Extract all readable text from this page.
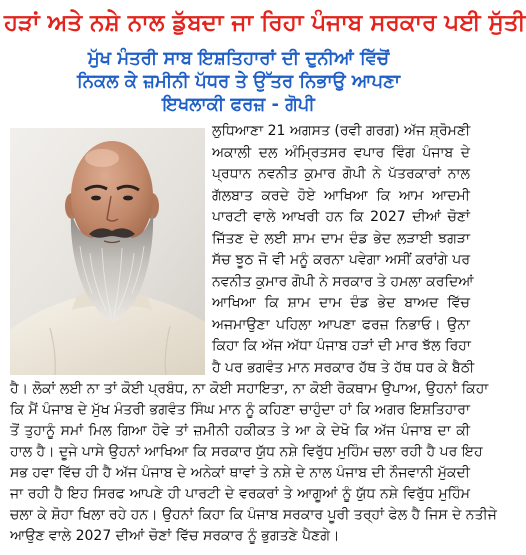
ਹੜਾਂ ਅਤੇ ਨਸ਼ੇ ਨਾਲ ਡੁੱਬਦਾ ਜਾ ਰਿਹਾ ਪੰਜਾਬ ਸਰਕਾਰ ਪਈ ਸੁੱਤੀ
ਮੁੱਖ ਮੰਤਰੀ ਸਾਬ ਇਸ਼ਤਿਹਾਰਾਂ ਦੀ ਦੁਨੀਆਂ ਵਿੱਚੋਂ
ਨਿਕਲ ਕੇ ਜ਼ਮੀਨੀ ਪੱਧਰ ਤੇ ਉੱਤਰ ਨਿਭਾਉ ਆਪਣਾ
ਇਖਲਾਕੀ ਫਰਜ਼ - ਗੋਪੀ
ਲੁਧਿਆਣਾ 21 ਅਗਸਤ (ਰਵੀ ਗਰਗ) ਅੱਜ ਸ਼੍ਰੋਮਣੀ
ਅਕਾਲੀ ਦਲ ਅੰਮ੍ਰਿਤਸਰ ਵਪਾਰ ਵਿੰਗ ਪੰਜਾਬ ਦੇ
ਪ੍ਰਧਾਨ ਨਵਨੀਤ ਕੁਮਾਰ ਗੋਪੀ ਨੇ ਪੱਤਰਕਾਰਾਂ ਨਾਲ
ਗੱਲਬਾਤ ਕਰਦੇ ਹੋਏ ਆਖਿਆ ਕਿ ਆਮ ਆਦਮੀ
ਪਾਰਟੀ ਵਾਲੇ ਆਖਰੀ ਹਨ ਕਿ 2027 ਦੀਆਂ ਚੋਣਾਂ
ਜਿੱਤਣ ਦੇ ਲਈ ਸ਼ਾਮ ਦਾਮ ਦੰਡ ਭੇਦ ਲੜਾਈ ਝਗੜਾ
ਸੱਚ ਝੂਠ ਜੋ ਵੀ ਮਨੂੰ ਕਰਨਾ ਪਵੇਗਾ ਅਸੀਂ ਕਰਾਂਗੇ ਪਰ
ਨਵਨੀਤ ਕੁਮਾਰ ਗੋਪੀ ਨੇ ਸਰਕਾਰ ਤੇ ਹਮਲਾ ਕਰਦਿਆਂ
ਆਖਿਆ ਕਿ ਸ਼ਾਮ ਦਾਮ ਦੰਡ ਭੇਦ ਬਾਅਦ ਵਿੱਚ
ਅਜਮਾਉਣਾ ਪਹਿਲਾ ਆਪਣਾ ਫਰਜ਼ ਨਿਭਾਓ। ਉਨਾ
ਕਿਹਾ ਕਿ ਅੱਜ ਅੱਧਾ ਪੰਜਾਬ ਹੜਾਂ ਦੀ ਮਾਰ ਝੱਲ ਰਿਹਾ
ਹੈ ਪਰ ਭਗਵੰਤ ਮਾਨ ਸਰਕਾਰ ਹੱਥ ਤੇ ਹੱਥ ਧਰ ਕੇ ਬੈਠੀ
ਹੈ। ਲੋਕਾਂ ਲਈ ਨਾ ਤਾਂ ਕੋਈ ਪ੍ਰਬੰਧ, ਨਾ ਕੋਈ ਸਹਾਇਤਾ, ਨਾ ਕੋਈ ਰੋਕਥਾਮ ਉਪਾਅ, ਉਹਨਾਂ ਕਿਹਾ
ਕਿ ਮੈਂ ਪੰਜਾਬ ਦੇ ਮੁੱਖ ਮੰਤਰੀ ਭਗਵੰਤ ਸਿੰਘ ਮਾਨ ਨੂੰ ਕਹਿਣਾ ਚਾਹੁੰਦਾ ਹਾਂ ਕਿ ਅਗਰ ਇਸ਼ਤਿਹਾਰਾ
ਤੋਂ ਤੁਹਾਨੂੰ ਸਮਾਂ ਮਿਲ ਗਿਆ ਹੋਵੇ ਤਾਂ ਜ਼ਮੀਨੀ ਹਕੀਕਤ ਤੇ ਆ ਕੇ ਦੇਖੋ ਕਿ ਅੱਜ ਪੰਜਾਬ ਦਾ ਕੀ
ਹਾਲ ਹੈ। ਦੂਜੇ ਪਾਸੇ ਉਹਨਾਂ ਆਖਿਆ ਕਿ ਸਰਕਾਰ ਯੁੱਧ ਨਸ਼ੇ ਵਿਰੁੱਧ ਮੁਹਿੰਮ ਚਲਾ ਰਹੀ ਹੈ ਪਰ ਇਹ
ਸਭ ਹਵਾ ਵਿੱਚ ਹੀ ਹੈ ਅੱਜ ਪੰਜਾਬ ਦੇ ਅਨੇਕਾਂ ਥਾਵਾਂ ਤੇ ਨਸ਼ੇ ਦੇ ਨਾਲ ਪੰਜਾਬ ਦੀ ਨੌਜਵਾਨੀ ਮੁੱਕਦੀ
ਜਾ ਰਹੀ ਹੈ ਇਹ ਸਿਰਫ ਆਪਣੇ ਹੀ ਪਾਰਟੀ ਦੇ ਵਰਕਰਾਂ ਤੇ ਆਗੂਆਂ ਨੂੰ ਯੁੱਧ ਨਸ਼ੇ ਵਿਰੁੱਧ ਮੁਹਿੰਮ
ਚਲਾ ਕੇ ਸ਼ੋਹਾ ਖਿਲਾ ਰਹੇ ਹਨ। ਉਹਨਾਂ ਕਿਹਾ ਕਿ ਪੰਜਾਬ ਸਰਕਾਰ ਪੂਰੀ ਤਰ੍ਹਾਂ ਫੇਲ ਹੈ ਜਿਸ ਦੇ ਨਤੀਜੇ
ਆਉਣ ਵਾਲੇ 2027 ਦੀਆਂ ਚੋਣਾਂ ਵਿੱਚ ਸਰਕਾਰ ਨੂੰ ਭੁਗਤਣੇ ਪੈਣਗੇ।
